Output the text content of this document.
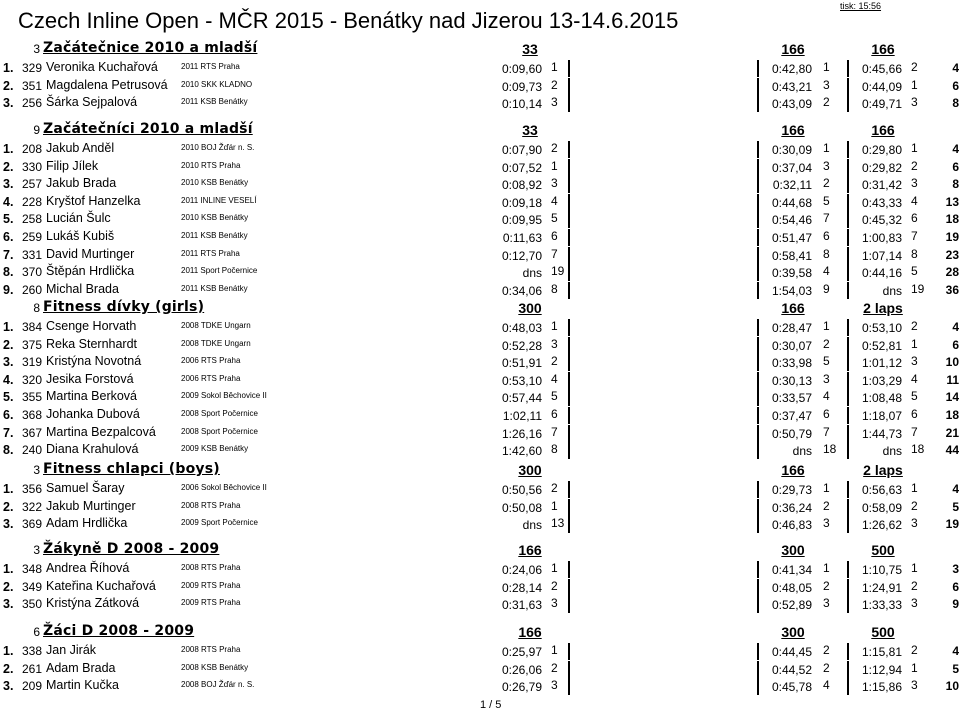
Czech Inline Open - MČR 2015 - Benátky nad Jizerou 13-14.6.2015
tisk: 15:56
3 Začátečnice 2010 a mladší	33	166	166
1. 329 Veronika Kuchařová	2011 RTS Praha	0:09,60 1	0:42,80 1	0:45,66 2	4
2. 351 Magdalena Petrusová 2010 SKK KLADNO	0:09,73 2	0:43,21 3	0:44,09 1	6
3. 256 Šárka Sejpalová	2011 KSB Benátky	0:10,14 3	0:43,09 2	0:49,71 3	8
9 Začátečníci 2010 a mladší	33	166	166
1. 208 Jakub Anděl	2010 BOJ Žďár n. S.	0:07,90 2	0:30,09 1	0:29,80 1	4
2. 330 Filip Jílek	2010 RTS Praha	0:07,52 1	0:37,04 3	0:29,82 2	6
3. 257 Jakub Brada	2010 KSB Benátky	0:08,92 3	0:32,11 2	0:31,42 3	8
4. 228 Kryštof Hanzelka	2011 INLINE VESELÍ	0:09,18 4	0:44,68 5	0:43,33 4	13
5. 258 Lucián Šulc	2010 KSB Benátky	0:09,95 5	0:54,46 7	0:45,32 6	18
6. 259 Lukáš Kubiš	2011 KSB Benátky	0:11,63 6	0:51,47 6	1:00,83 7	19
7. 331 David Murtinger	2011 RTS Praha	0:12,70 7	0:58,41 8	1:07,14 8	23
8. 370 Štěpán Hrdlička	2011 Sport Počernice	dns 19	0:39,58 4	0:44,16 5	28
9. 260 Michal Brada	2011 KSB Benátky	0:34,06 8	1:54,03 9	dns 19	36
8 Fitness dívky (girls)	300	166	2 laps
1. 384 Csenge Horvath	2008 TDKE Ungarn	0:48,03 1	0:28,47 1	0:53,10 2	4
2. 375 Reka Sternhardt	2008 TDKE Ungarn	0:52,28 3	0:30,07 2	0:52,81 1	6
3. 319 Kristýna Novotná	2006 RTS Praha	0:51,91 2	0:33,98 5	1:01,12 3	10
4. 320 Jesika Forstová	2006 RTS Praha	0:53,10 4	0:30,13 3	1:03,29 4	11
5. 355 Martina Berková	2009 Sokol Běchovice II	0:57,44 5	0:33,57 4	1:08,48 5	14
6. 368 Johanka Dubová	2008 Sport Počernice	1:02,11 6	0:37,47 6	1:18,07 6	18
7. 367 Martina Bezpalcová	2008 Sport Počernice	1:26,16 7	0:50,79 7	1:44,73 7	21
8. 240 Diana Krahulová	2009 KSB Benátky	1:42,60 8	dns 18	dns 18	44
3 Fitness chlapci (boys)	300	166	2 laps
1. 356 Samuel Šaray	2006 Sokol Běchovice II	0:50,56 2	0:29,73 1	0:56,63 1	4
2. 322 Jakub Murtinger	2008 RTS Praha	0:50,08 1	0:36,24 2	0:58,09 2	5
3. 369 Adam Hrdlička	2009 Sport Počernice	dns 13	0:46,83 3	1:26,62 3	19
3 Žákyně D 2008 - 2009	166	300	500
1. 348 Andrea Říhová	2008 RTS Praha	0:24,06 1	0:41,34 1	1:10,75 1	3
2. 349 Kateřina Kuchařová	2009 RTS Praha	0:28,14 2	0:48,05 2	1:24,91 2	6
3. 350 Kristýna Zátková	2009 RTS Praha	0:31,63 3	0:52,89 3	1:33,33 3	9
6 Žáci D 2008 - 2009	166	300	500
1. 338 Jan Jirák	2008 RTS Praha	0:25,97 1	0:44,45 2	1:15,81 2	4
2. 261 Adam Brada	2008 KSB Benátky	0:26,06 2	0:44,52 2	1:12,94 1	5
3. 209 Martin Kučka	2008 BOJ Žďár n. S.	0:26,79 3	0:45,78 4	1:15,86 3	10
1 / 5
